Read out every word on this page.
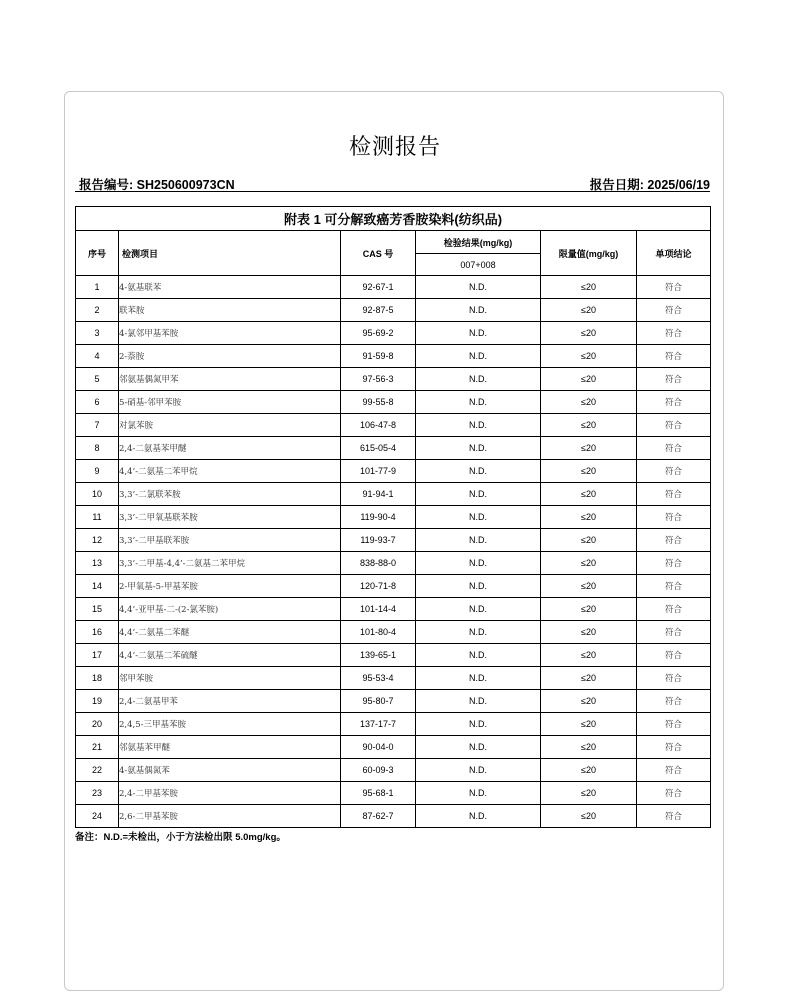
检测报告
报告编号: SH250600973CN	报告日期: 2025/06/19
附表 1 可分解致癌芳香胺染料(纺织品)					
序号	检测项目	CAS 号	检验结果(mg/kg)	限量值(mg/kg)	单项结论
			007+008		
1	4-氨基联苯	92-67-1	N.D.	≤20	符合
2	联苯胺	92-87-5	N.D.	≤20	符合
3	4-氯邻甲基苯胺	95-69-2	N.D.	≤20	符合
4	2-萘胺	91-59-8	N.D.	≤20	符合
5	邻氨基偶氮甲苯	97-56-3	N.D.	≤20	符合
6	5-硝基-邻甲苯胺	99-55-8	N.D.	≤20	符合
7	对氯苯胺	106-47-8	N.D.	≤20	符合
8	2,4-二氨基苯甲醚	615-05-4	N.D.	≤20	符合
9	4,4’-二氨基二苯甲烷	101-77-9	N.D.	≤20	符合
10	3,3’-二氯联苯胺	91-94-1	N.D.	≤20	符合
11	3,3’-二甲氧基联苯胺	119-90-4	N.D.	≤20	符合
12	3,3’-二甲基联苯胺	119-93-7	N.D.	≤20	符合
13	3,3’-二甲基-4,4’-二氨基二苯甲烷	838-88-0	N.D.	≤20	符合
14	2-甲氧基-5-甲基苯胺	120-71-8	N.D.	≤20	符合
15	4,4’-亚甲基-二-(2-氯苯胺)	101-14-4	N.D.	≤20	符合
16	4,4’-二氨基二苯醚	101-80-4	N.D.	≤20	符合
17	4,4’-二氨基二苯硫醚	139-65-1	N.D.	≤20	符合
18	邻甲苯胺	95-53-4	N.D.	≤20	符合
19	2,4-二氨基甲苯	95-80-7	N.D.	≤20	符合
20	2,4,5-三甲基苯胺	137-17-7	N.D.	≤20	符合
21	邻氨基苯甲醚	90-04-0	N.D.	≤20	符合
22	4-氨基偶氮苯	60-09-3	N.D.	≤20	符合
23	2,4-二甲基苯胺	95-68-1	N.D.	≤20	符合
24	2,6-二甲基苯胺	87-62-7	N.D.	≤20	符合
备注：N.D.=未检出，小于方法检出限 5.0mg/kg。
